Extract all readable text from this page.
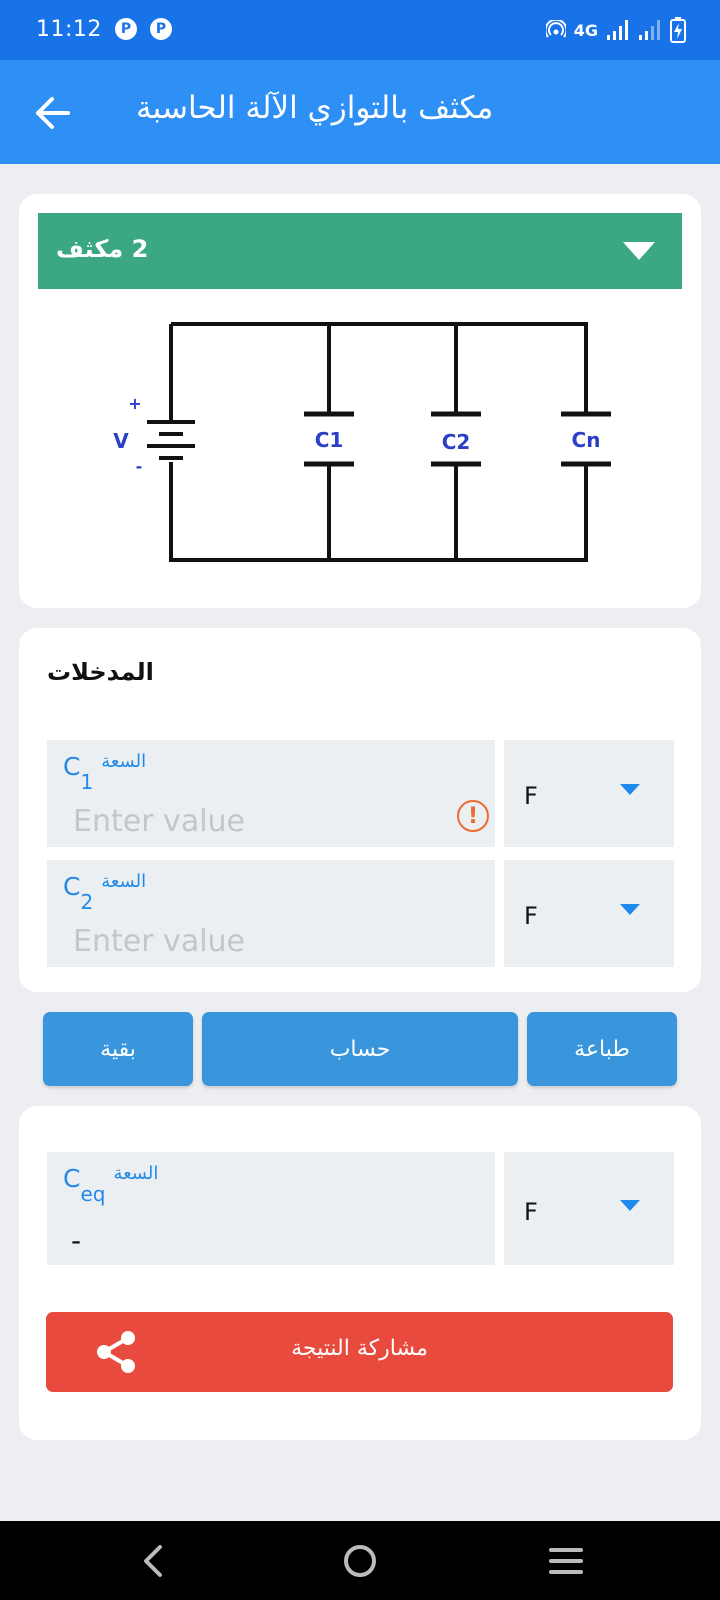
11:12	P	P	4G
مكثف بالتوازي الآلة الحاسبة
2 مكثف
+
V
-
C1	C2	Cn
المدخلات
C1
السعة
Enter value	!
F
C2
السعة
Enter value
F
بقية	حساب	طباعة
Ceq
السعة
-
F
مشاركة النتيجة
